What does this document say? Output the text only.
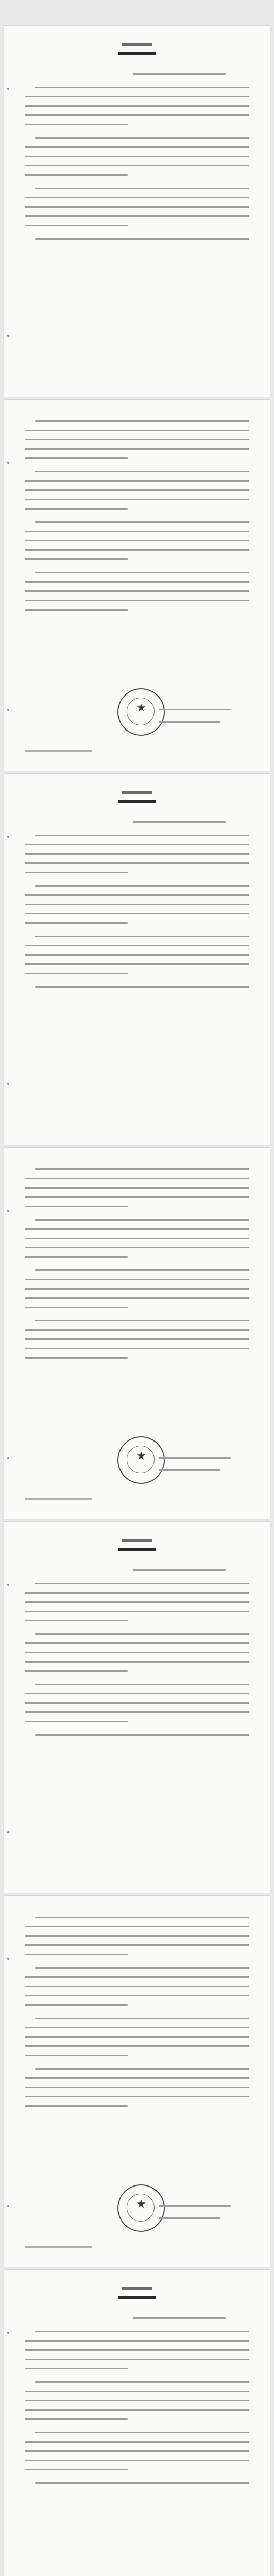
★
★
★
